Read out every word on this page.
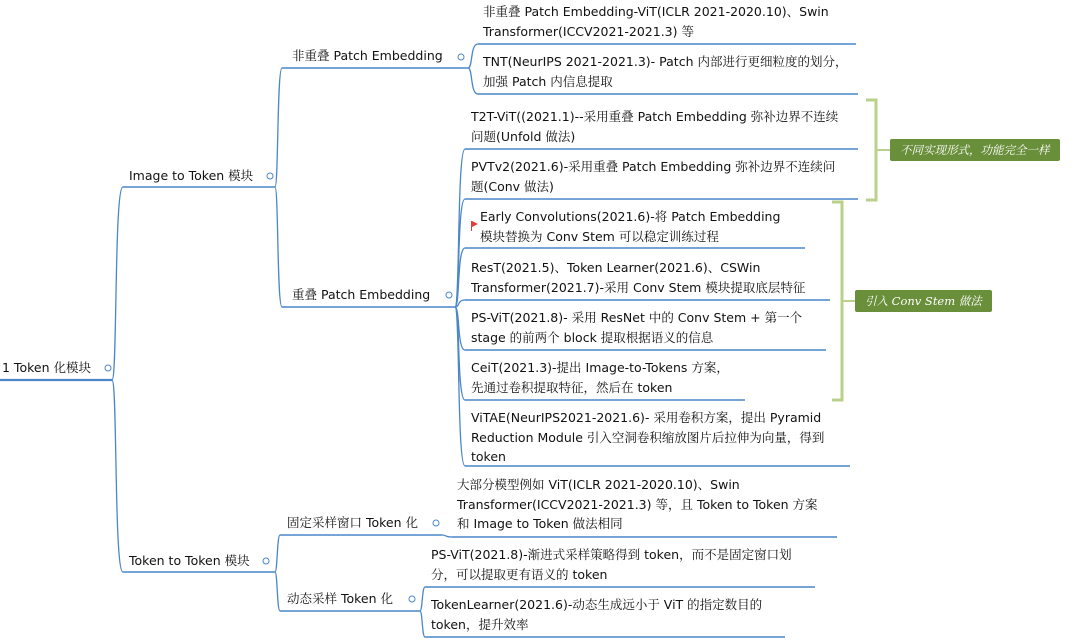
1 Token 化模块
Image to Token 模块
Token to Token 模块
非重叠 Patch Embedding
重叠 Patch Embedding
固定采样窗口 Token 化
动态采样 Token 化
非重叠 Patch Embedding-ViT(ICLR 2021-2020.10)、Swin
Transformer(ICCV2021-2021.3) 等
TNT(NeurIPS 2021-2021.3)- Patch 内部进行更细粒度的划分，
加强 Patch 内信息提取
T2T-ViT((2021.1)--采用重叠 Patch Embedding 弥补边界不连续
问题(Unfold 做法)
PVTv2(2021.6)-采用重叠 Patch Embedding 弥补边界不连续问
题(Conv 做法)
Early Convolutions(2021.6)-将 Patch Embedding
模块替换为 Conv Stem 可以稳定训练过程
ResT(2021.5)、Token Learner(2021.6)、CSWin
Transformer(2021.7)-采用 Conv Stem 模块提取底层特征
PS-ViT(2021.8)- 采用 ResNet 中的 Conv Stem + 第一个
stage 的前两个 block 提取根据语义的信息
CeiT(2021.3)-提出 Image-to-Tokens 方案，
先通过卷积提取特征，然后在 token
ViTAE(NeurIPS2021-2021.6)- 采用卷积方案，提出 Pyramid
Reduction Module 引入空洞卷积缩放图片后拉伸为向量，得到
token
大部分模型例如 ViT(ICLR 2021-2020.10)、Swin
Transformer(ICCV2021-2021.3) 等，且 Token to Token 方案
和 Image to Token 做法相同
PS-ViT(2021.8)-渐进式采样策略得到 token，而不是固定窗口划
分，可以提取更有语义的 token
TokenLearner(2021.6)-动态生成远小于 ViT 的指定数目的
token，提升效率
不同实现形式，功能完全一样
引入 Conv Stem 做法
